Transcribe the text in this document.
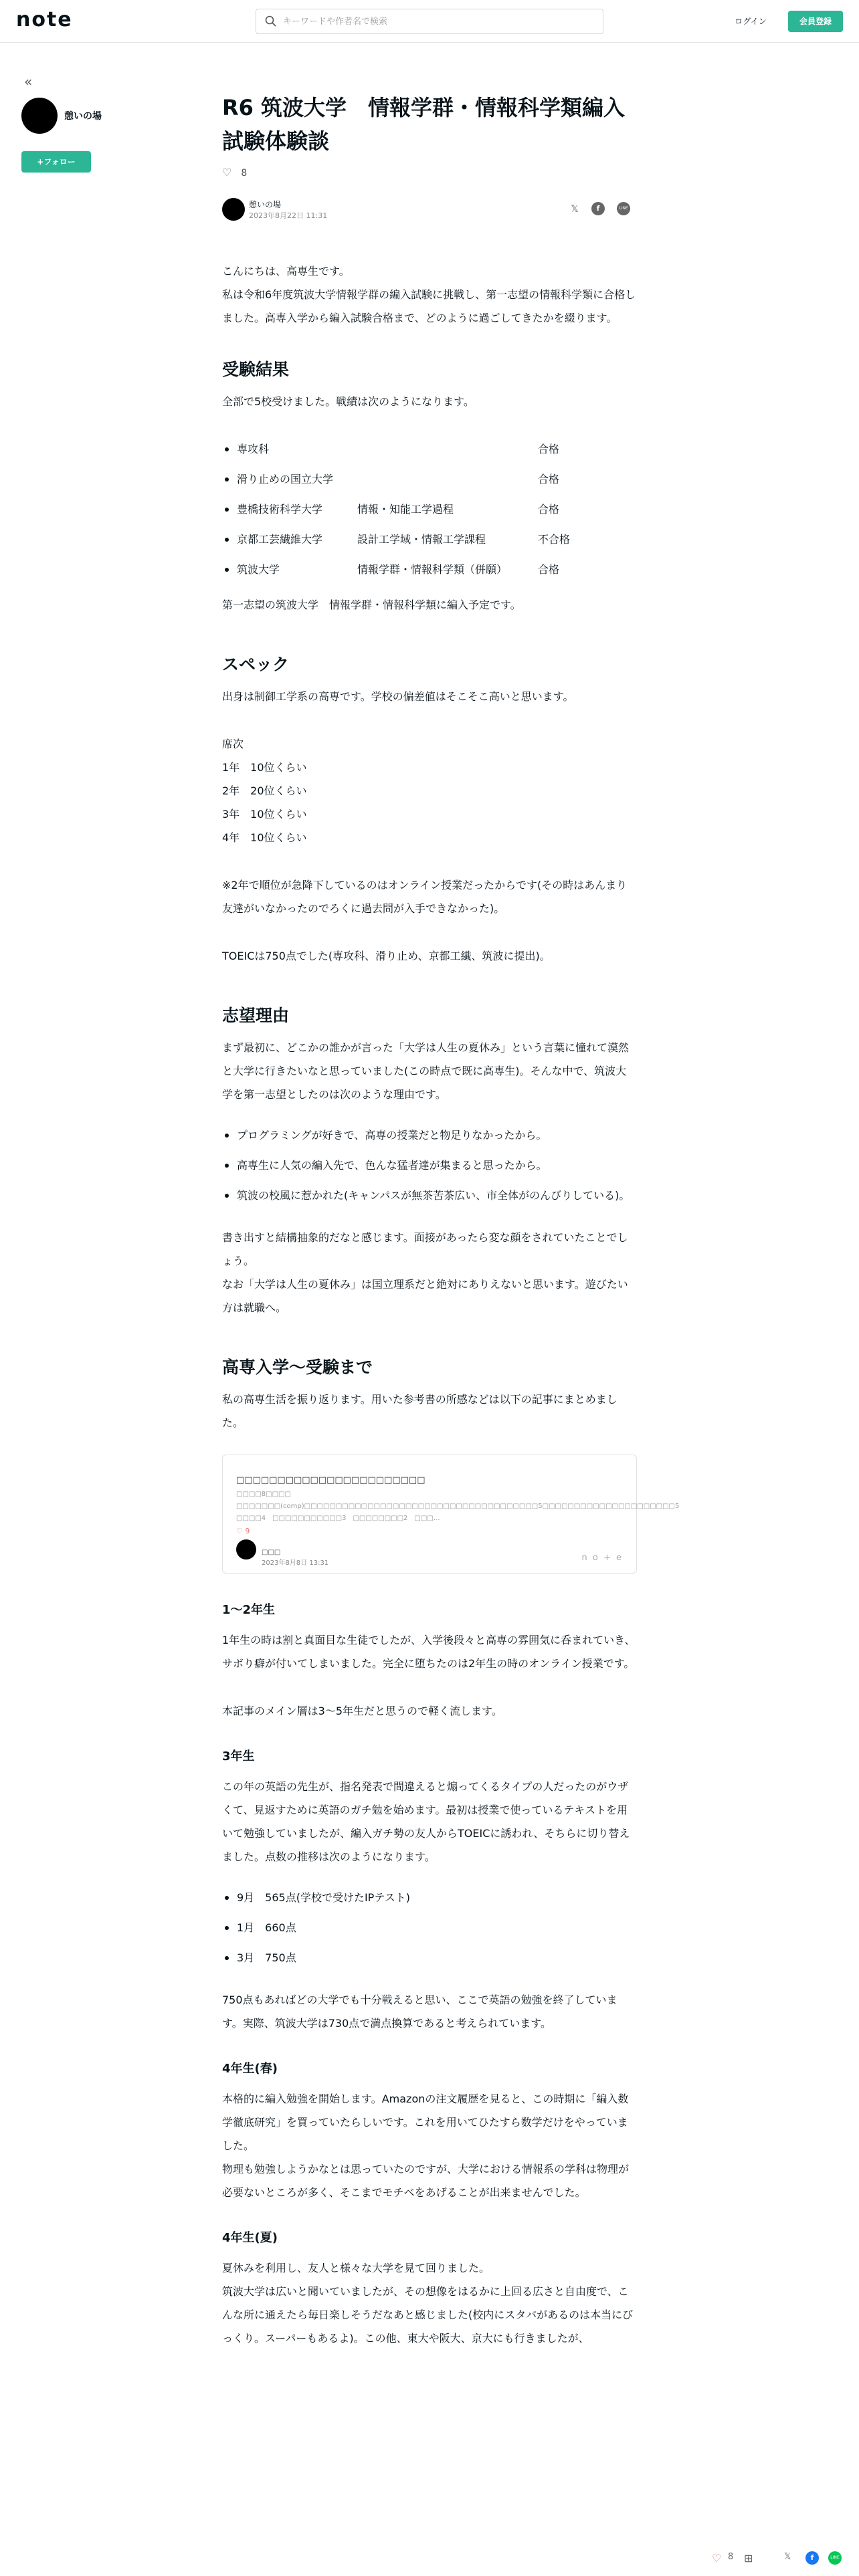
note
キーワードや作者名で検索	ログイン	会員登録
«
憩いの場
+フォロー
R6 筑波大学　情報学群・情報科学類編入試験体験談
♡ 8
憩いの場
2023年8月22日 11:31
𝕏	f	LINE

こんにちは、高専生です。

私は令和6年度筑波大学情報学群の編入試験に挑戦し、第一志望の情報科学類に合格しました。高専入学から編入試験合格まで、どのように過ごしてきたかを綴ります。

受験結果

全部で5校受けました。戦績は次のようになります。

専攻科	合格
滑り止めの国立大学	合格
豊橋技術科学大学	情報・知能工学過程	合格
京都工芸繊維大学	設計工学域・情報工学課程	不合格
筑波大学	情報学群・情報科学類（併願）	合格

第一志望の筑波大学　情報学群・情報科学類に編入予定です。

スペック

出身は制御工学系の高専です。学校の偏差値はそこそこ高いと思います。

席次

1年　10位くらい

2年　20位くらい

3年　10位くらい

4年　10位くらい

※2年で順位が急降下しているのはオンライン授業だったからです(その時はあんまり友達がいなかったのでろくに過去問が入手できなかった)。

TOEICは750点でした(専攻科、滑り止め、京都工繊、筑波に提出)。

志望理由

まず最初に、どこかの誰かが言った「大学は人生の夏休み」という言葉に憧れて漠然と大学に行きたいなと思っていました(この時点で既に高専生)。そんな中で、筑波大学を第一志望としたのは次のような理由です。

プログラミングが好きで、高専の授業だと物足りなかったから。
高専生に人気の編入先で、色んな猛者達が集まると思ったから。
筑波の校風に惹かれた(キャンパスが無茶苦茶広い、市全体がのんびりしている)。

書き出すと結構抽象的だなと感じます。面接があったら変な顔をされていたことでしょう。

なお「大学は人生の夏休み」は国立理系だと絶対にありえないと思います。遊びたい方は就職へ。

高専入学〜受験まで

私の高専生活を振り返ります。用いた参考書の所感などは以下の記事にまとめました。

□□□□□□□□□□□□□□□□□□□□□□□
□□□□8□□□□　□□□□□□□(comp)□□□□□□□□□□□□□□□□□□□□□□□□□□□□□□□□□□□□□5□□□□□□□□□□□□□□□□□□□□□5　□□□□4　□□□□□□□□□□□3　□□□□□□□□2　□□□…
♡ 9
□□□
2023年8月8日 13:31
n o + e
1〜2年生

1年生の時は割と真面目な生徒でしたが、入学後段々と高専の雰囲気に呑まれていき、サボり癖が付いてしまいました。完全に堕ちたのは2年生の時のオンライン授業です。

本記事のメイン層は3〜5年生だと思うので軽く流します。

3年生

この年の英語の先生が、指名発表で間違えると煽ってくるタイプの人だったのがウザくて、見返すために英語のガチ勉を始めます。最初は授業で使っているテキストを用いて勉強していましたが、編入ガチ勢の友人からTOEICに誘われ、そちらに切り替えました。点数の推移は次のようになります。

9月　565点(学校で受けたIPテスト)
1月　660点
3月　750点

750点もあればどの大学でも十分戦えると思い、ここで英語の勉強を終了しています。実際、筑波大学は730点で満点換算であると考えられています。

4年生(春)

本格的に編入勉強を開始します。Amazonの注文履歴を見ると、この時期に「編入数学徹底研究」を買っていたらしいです。これを用いてひたすら数学だけをやっていました。

物理も勉強しようかなとは思っていたのですが、大学における情報系の学科は物理が必要ないところが多く、そこまでモチベをあげることが出来ませんでした。

4年生(夏)

夏休みを利用し、友人と様々な大学を見て回りました。

筑波大学は広いと聞いていましたが、その想像をはるかに上回る広さと自由度で、こんな所に通えたら毎日楽しそうだなあと感じました(校内にスタバがあるのは本当にびっくり。スーパーもあるよ)。この他、東大や阪大、京大にも行きましたが、

♡ 8 ⊞	𝕏	f	LINE
